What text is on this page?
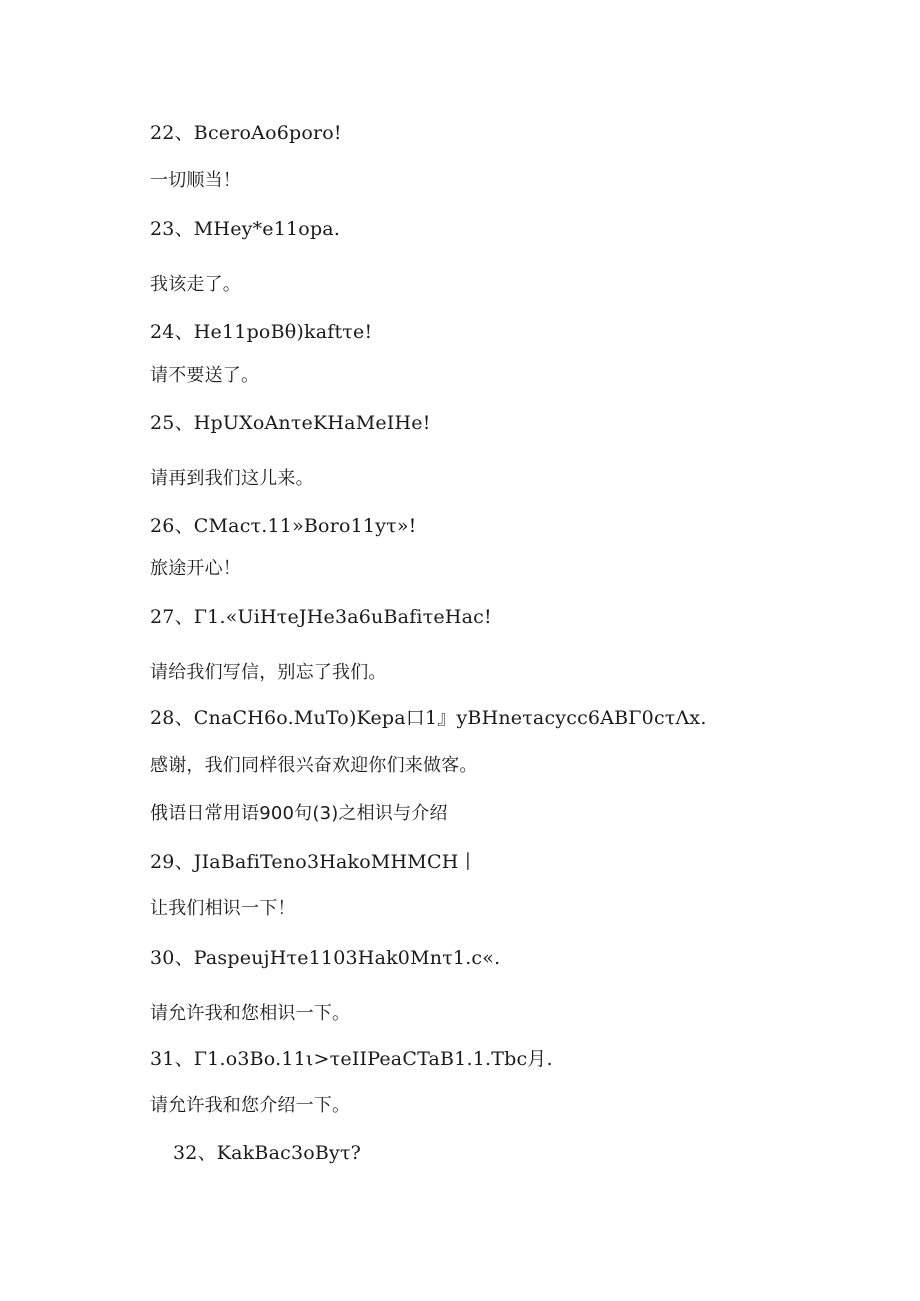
22、BceroAo6poro!
一切顺当！
23、MHey*e11opa.
我该走了。
24、He11poBθ)kaftτe!
请不要送了。
25、HpUXoAnτeKHaMeIHe!
请再到我们这儿来。
26、CMacτ.11»Boro11yτ»!
旅途开心！
27、Γ1.«UiHτeJHe3a6uBafiτeHac!
请给我们写信，别忘了我们。
28、CnaCH6o.MuTo)Kepa口1』yBHneτacycc6ΑΒΓ0cτΛx.
感谢，我们同样很兴奋欢迎你们来做客。
俄语日常用语900句(3)之相识与介绍
29、JIaBafiTeno3HakoMHMCH丨
让我们相识一下！
30、PaspeujHτe1103Hak0Mnτ1.c«.
请允许我和您相识一下。
31、Γ1.o3Bo.11ι>τeIIPeaCTaB1.1.Tbc月.
请允许我和您介绍一下。
32、KakBac3oByτ?
